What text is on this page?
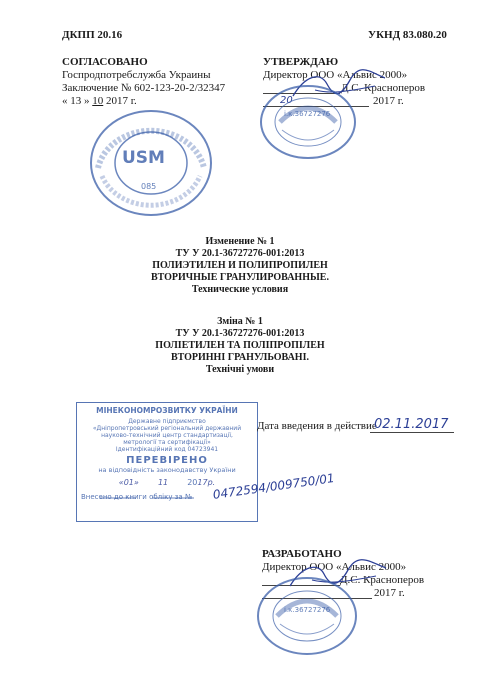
ДКПП 20.16	УКНД 83.080.20
СОГЛАСОВАНО
Госпродпотребслужба Украины
Заключение № 602-123-20-2/32347
« 13 » 10 2017 г.
УТВЕРЖДАЮ
Директор ООО «Альвис 2000»
Д.С. Красноперов
2017 г.
20
і.к.36727276
USM
085
Изменение № 1
ТУ У 20.1-36727276-001:2013
ПОЛИЭТИЛЕН И ПОЛИПРОПИЛЕН
ВТОРИЧНЫЕ ГРАНУЛИРОВАННЫЕ.
Технические условия
Зміна № 1
ТУ У 20.1-36727276-001:2013
ПОЛІЕТИЛЕН ТА ПОЛІПРОПІЛЕН
ВТОРИННІ ГРАНУЛЬОВАНІ.
Технічні умови
МІНЕКОНОМРОЗВИТКУ УКРАЇНИ
Державне підприємство
«Дніпропетровський регіональний державний
науково-технічний центр стандартизації,
метрології та сертифікації»
Ідентифікаційний код 04723941
ПЕРЕВІРЕНО
на відповідність законодавству України
«01» 11 2017р.
Внесено до книги обліку за №	0472594/009750/01
Дата введения в действие
02.11.2017
РАЗРАБОТАНО
Директор ООО «Альвис 2000»
Д.С. Красноперов
2017 г.
і.к.36727276
